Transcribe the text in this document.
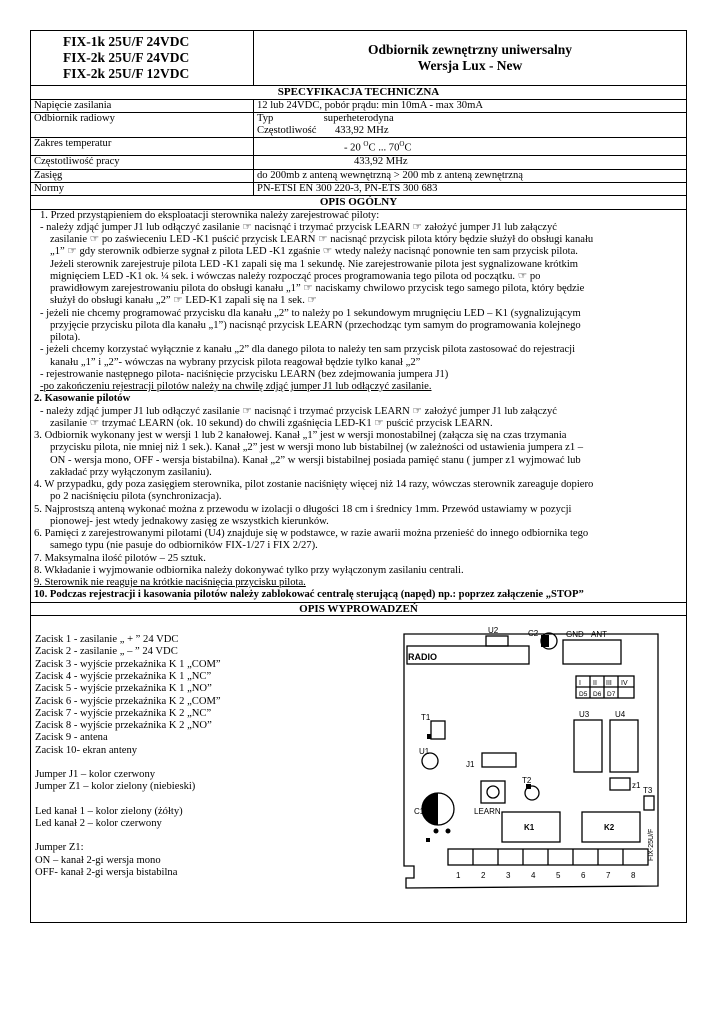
FIX-1k 25U/F 24VDC
FIX-2k 25U/F 24VDC
FIX-2k 25U/F 12VDC

Odbiornik zewnętrzny uniwersalny
Wersja Lux - New

SPECYFIKACJA TECHNICZNA
Napięcie zasilania	12 lub 24VDC, pobór prądu: min 10mA - max 30mA
Odbiornik radiowy	Typ                   superheterodyna
Częstotliwość       433,92 MHz

Zakres temperatur	- 20 $^O$C ... $70^OC$
Częstotliwość pracy	433,92 MHz
Zasięg	do 200mb z anteną wewnętrzną > 200 mb z anteną zewnętrzną
Normy	PN-ETSI EN 300 220-3, PN-ETS 300 683
OPIS OGÓLNY

1. Przed przystąpieniem do eksploatacji sterownika należy zarejestrować piloty:

- należy zdjąć jumper J1 lub odłączyć zasilanie ☞ nacisnąć i trzymać przycisk LEARN ☞ założyć jumper J1 lub załączyć

zasilanie ☞ po zaświeceniu LED -K1 puścić przycisk LEARN ☞ nacisnąć przycisk pilota który będzie służył do obsługi kanału

„1” ☞ gdy sterownik odbierze sygnał z pilota LED -K1 zgaśnie ☞ wtedy należy nacisnąć ponownie ten sam przycisk pilota.

Jeżeli sterownik zarejestruje pilota LED -K1 zapali się ma 1 sekundę. Nie zarejestrowanie pilota jest sygnalizowane krótkim

mignięciem LED -K1 ok. ¼ sek. i wówczas należy rozpocząć proces programowania tego pilota od początku. ☞ po

prawidłowym zarejestrowaniu pilota do obsługi kanału „1” ☞ naciskamy chwilowo przycisk tego samego pilota, który będzie

służył do obsługi kanału „2” ☞ LED-K1 zapali się na 1 sek. ☞

- jeżeli nie chcemy programować przycisku dla kanału „2” to należy po 1 sekundowym mrugnięciu LED – K1 (sygnalizującym

przyjęcie przycisku pilota dla kanału „1”) nacisnąć przycisk LEARN (przechodząc tym samym do programowania kolejnego

pilota).

- jeżeli chcemy korzystać wyłącznie z kanału „2” dla danego pilota to należy ten sam przycisk pilota zastosować do rejestracji

kanału „1” i „2”- wówczas na wybrany przycisk pilota reagował będzie tylko kanał „2”

- rejestrowanie następnego pilota- naciśnięcie przycisku LEARN (bez zdejmowania jumpera J1)

-po zakończeniu rejestracji pilotów należy na chwilę zdjąć jumper J1 lub odłączyć zasilanie.

2. Kasowanie pilotów

- należy zdjąć jumper J1 lub odłączyć zasilanie ☞ nacisnąć i trzymać przycisk LEARN ☞ założyć jumper J1 lub załączyć

zasilanie ☞ trzymać LEARN (ok. 10 sekund) do chwili zgaśnięcia LED-K1 ☞ puścić przycisk LEARN.

3. Odbiornik wykonany jest w wersji 1 lub 2 kanałowej. Kanał „1” jest w wersji monostabilnej (załącza się na czas trzymania

przycisku pilota, nie mniej niż 1 sek.). Kanał „2” jest w wersji mono lub bistabilnej (w zależności od ustawienia jumpera z1 –

ON - wersja mono, OFF - wersja bistabilna). Kanał „2” w wersji bistabilnej posiada pamięć stanu ( jumper z1 wyjmować lub

zakładać przy wyłączonym zasilaniu).

4. W przypadku, gdy poza zasięgiem sterownika, pilot zostanie naciśnięty więcej niż 14 razy, wówczas sterownik zareaguje dopiero

po 2 naciśnięciu pilota (synchronizacja).

5. Najprostszą anteną wykonać można z przewodu w izolacji o długości 18 cm i średnicy 1mm. Przewód ustawiamy w pozycji

pionowej- jest wtedy jednakowy zasięg ze wszystkich kierunków.

6. Pamięci z zarejestrowanymi pilotami (U4) znajduje się w podstawce, w razie awarii można przenieść do innego odbiornika tego

samego typu (nie pasuje do odbiorników FIX-1/27 i FIX 2/27).

7. Maksymalna ilość pilotów – 25 sztuk.

8. Wkładanie i wyjmowanie odbiornika należy dokonywać tylko przy wyłączonym zasilaniu centrali.

9. Sterownik nie reaguje na krótkie naciśnięcia przycisku pilota.

10. Podczas rejestracji i kasowania pilotów należy zablokować centralę sterującą (napęd) np.: poprzez załączenie „STOP”

OPIS WYPROWADZEŃ

Zacisk 1 - zasilanie „ + ” 24 VDC

Zacisk 2 - zasilanie „ – ” 24 VDC

Zacisk 3 - wyjście przekaźnika K 1 „COM”

Zacisk 4 - wyjście przekaźnika K 1 „NC”

Zacisk 5 - wyjście przekaźnika K 1 „NO”

Zacisk 6 - wyjście przekaźnika K 2 „COM”

Zacisk 7 - wyjście przekaźnika K 2 „NC”

Zacisk 8 - wyjście przekaźnika K 2 „NO”

Zacisk 9 - antena

Zacisk 10- ekran anteny

Jumper J1 – kolor czerwony

Jumper Z1 – kolor zielony (niebieski)

Led kanał 1 – kolor zielony (żółty)

Led kanał 2 – kolor czerwony

Jumper Z1:

ON – kanał 2-gi wersja mono

OFF- kanał 2-gi wersja bistabilna

RADIO
U2	C2	GND ANT
I II III IV
D5 D6 D7
U3	U4
T1
U1
J1
z1
T2
T3
C1	LEARN
K1	K2
FIX-25U/F
1	2	3	4	5	6	7	8
